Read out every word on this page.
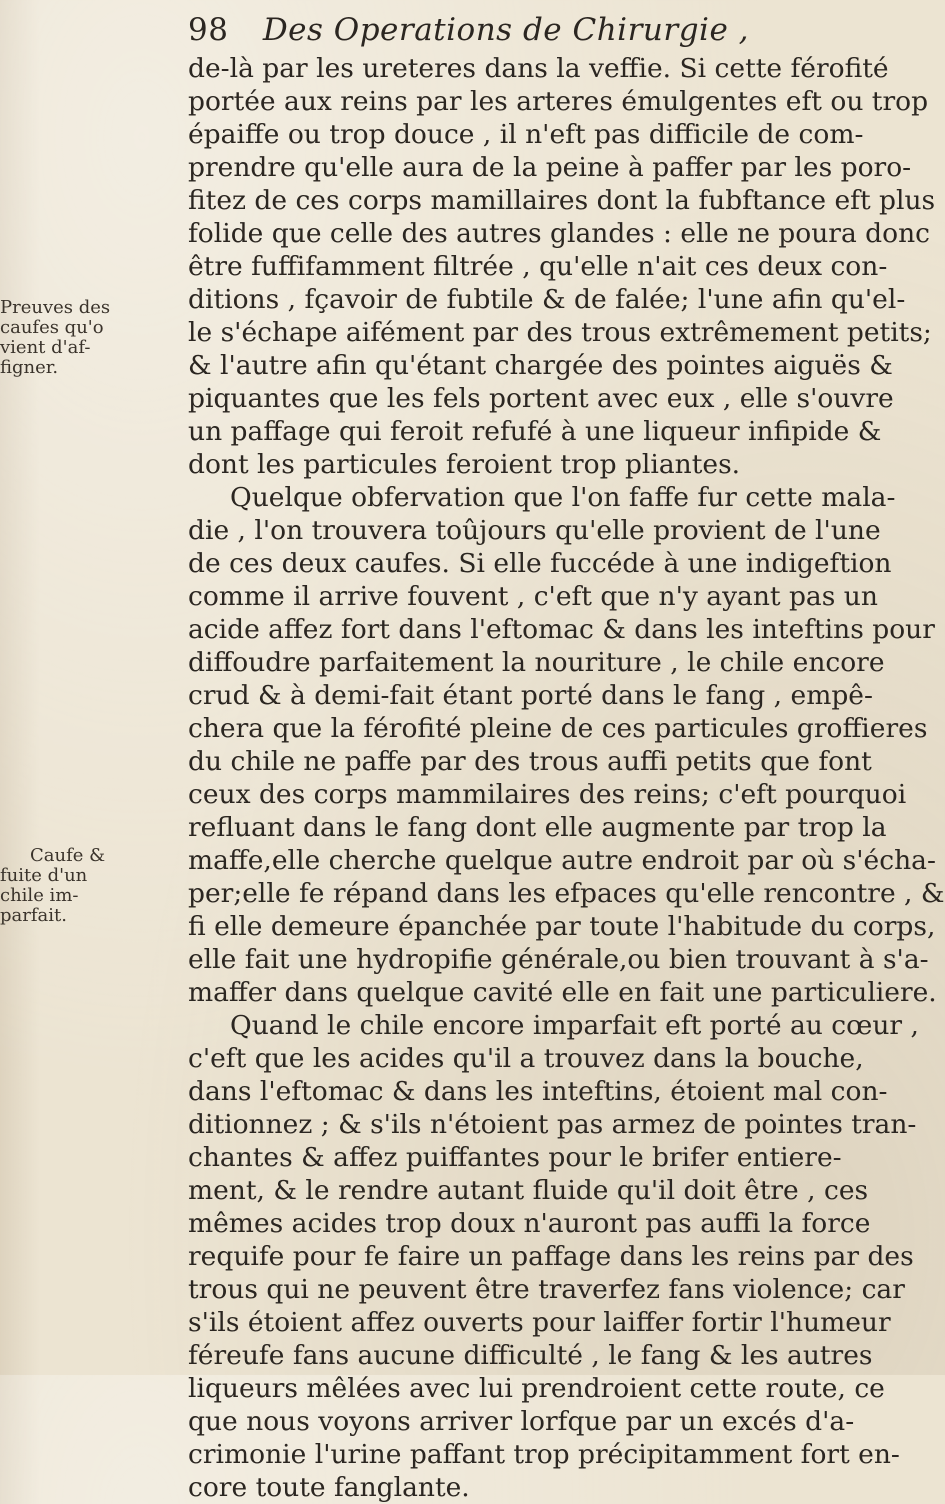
98 Des Operations de Chirurgie ,
Preuves des
caufes qu'o
vient d'af-
figner.
Caufe &
fuite d'un
chile im-
parfait.
de-là par les ureteres dans la veffie. Si cette férofité
portée aux reins par les arteres émulgentes eft ou trop
épaiffe ou trop douce , il n'eft pas difficile de com-
prendre qu'elle aura de la peine à paffer par les poro-
fitez de ces corps mamillaires dont la fubftance eft plus
folide que celle des autres glandes : elle ne poura donc
être fuffifamment filtrée , qu'elle n'ait ces deux con-
ditions , fçavoir de fubtile & de falée; l'une afin qu'el-
le s'échape aifément par des trous extrêmement petits;
& l'autre afin qu'étant chargée des pointes aiguës &
piquantes que les fels portent avec eux , elle s'ouvre
un paffage qui feroit refufé à une liqueur infipide &
dont les particules feroient trop pliantes.
Quelque obfervation que l'on faffe fur cette mala-
die , l'on trouvera toûjours qu'elle provient de l'une
de ces deux caufes. Si elle fuccéde à une indigeftion
comme il arrive fouvent , c'eft que n'y ayant pas un
acide affez fort dans l'eftomac & dans les inteftins pour
diffoudre parfaitement la nouriture , le chile encore
crud & à demi-fait étant porté dans le fang , empê-
chera que la férofité pleine de ces particules groffieres
du chile ne paffe par des trous auffi petits que font
ceux des corps mammilaires des reins; c'eft pourquoi
refluant dans le fang dont elle augmente par trop la
maffe,elle cherche quelque autre endroit par où s'écha-
per;elle fe répand dans les efpaces qu'elle rencontre , &
fi elle demeure épanchée par toute l'habitude du corps,
elle fait une hydropifie générale,ou bien trouvant à s'a-
maffer dans quelque cavité elle en fait une particuliere.
Quand le chile encore imparfait eft porté au cœur ,
c'eft que les acides qu'il a trouvez dans la bouche,
dans l'eftomac & dans les inteftins, étoient mal con-
ditionnez ; & s'ils n'étoient pas armez de pointes tran-
chantes & affez puiffantes pour le brifer entiere-
ment, & le rendre autant fluide qu'il doit être , ces
mêmes acides trop doux n'auront pas auffi la force
requife pour fe faire un paffage dans les reins par des
trous qui ne peuvent être traverfez fans violence; car
s'ils étoient affez ouverts pour laiffer fortir l'humeur
féreufe fans aucune difficulté , le fang & les autres
liqueurs mêlées avec lui prendroient cette route, ce
que nous voyons arriver lorfque par un excés d'a-
crimonie l'urine paffant trop précipitamment fort en-
core toute fanglante.
